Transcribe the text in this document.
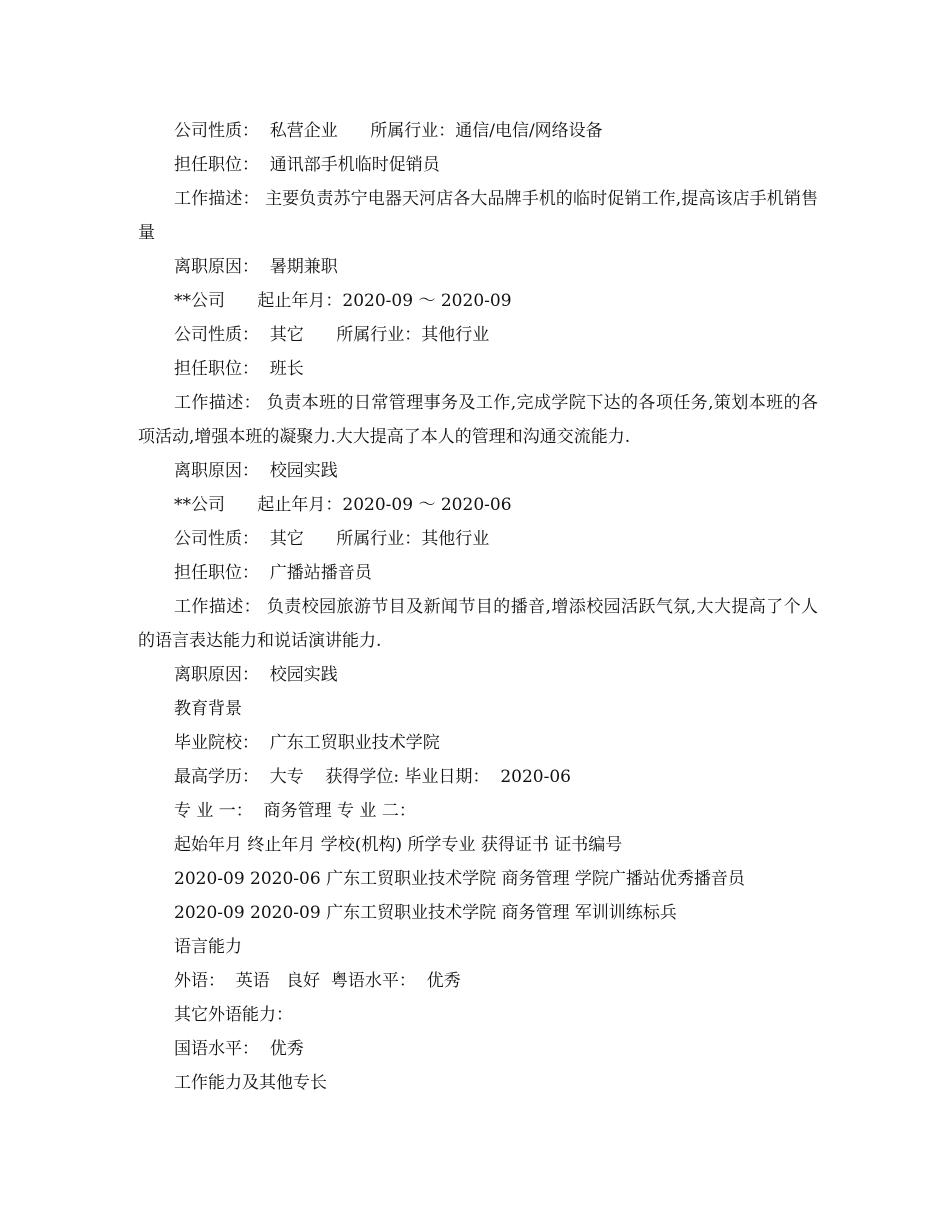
公司性质：  私营企业      所属行业：通信/电信/网络设备
担任职位：  通讯部手机临时促销员
工作描述： 主要负责苏宁电器天河店各大品牌手机的临时促销工作,提高该店手机销售量
离职原因：  暑期兼职
**公司      起止年月：2020-09 ～ 2020-09
公司性质：  其它      所属行业：其他行业
担任职位：  班长
工作描述： 负责本班的日常管理事务及工作,完成学院下达的各项任务,策划本班的各项活动,增强本班的凝聚力.大大提高了本人的管理和沟通交流能力.
离职原因：  校园实践
**公司      起止年月：2020-09 ～ 2020-06
公司性质：  其它      所属行业：其他行业
担任职位：  广播站播音员
工作描述： 负责校园旅游节目及新闻节目的播音,增添校园活跃气氛,大大提高了个人的语言表达能力和说话演讲能力.
离职原因：  校园实践
教育背景
毕业院校：  广东工贸职业技术学院
最高学历：  大专    获得学位: 毕业日期：  2020-06
专 业 一：  商务管理 专 业 二：
起始年月 终止年月 学校(机构) 所学专业 获得证书 证书编号
2020-09 2020-06 广东工贸职业技术学院 商务管理 学院广播站优秀播音员
2020-09 2020-09 广东工贸职业技术学院 商务管理 军训训练标兵
语言能力
外语：  英语   良好  粤语水平：  优秀
其它外语能力：
国语水平：  优秀
工作能力及其他专长
